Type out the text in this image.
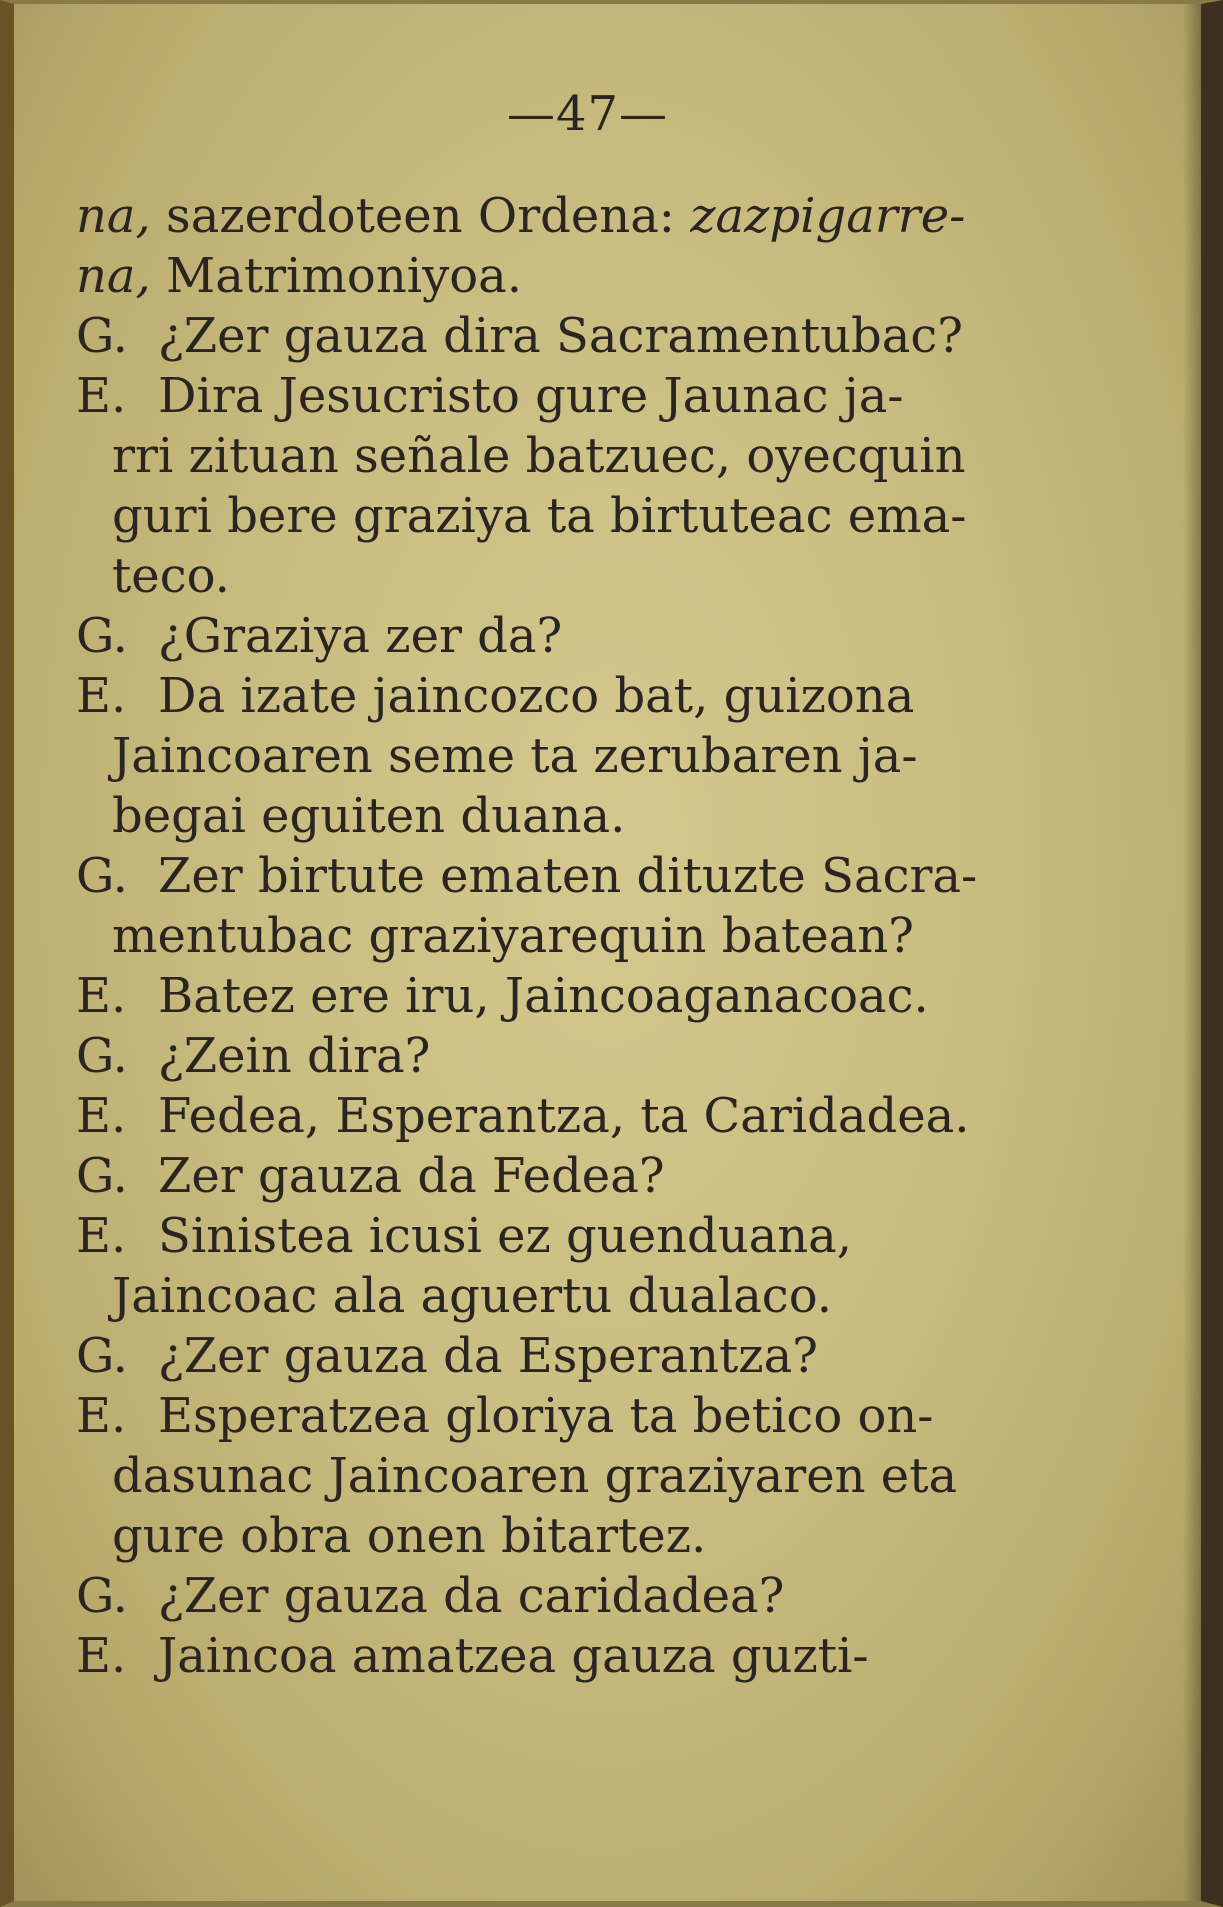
—47—
na, sazerdoteen Ordena: zazpigarre-
na, Matrimoniyoa.
G. ¿Zer gauza dira Sacramentubac?
E. Dira Jesucristo gure Jaunac ja-
rri zituan señale batzuec, oyecquin
guri bere graziya ta birtuteac ema-
teco.
G. ¿Graziya zer da?
E. Da izate jaincozco bat, guizona
Jaincoaren seme ta zerubaren ja-
begai eguiten duana.
G. Zer birtute ematen dituzte Sacra-
mentubac graziyarequin batean?
E. Batez ere iru, Jaincoaganacoac.
G. ¿Zein dira?
E. Fedea, Esperantza, ta Caridadea.
G. Zer gauza da Fedea?
E. Sinistea icusi ez guenduana,
Jaincoac ala aguertu dualaco.
G. ¿Zer gauza da Esperantza?
E. Esperatzea gloriya ta betico on-
dasunac Jaincoaren graziyaren eta
gure obra onen bitartez.
G. ¿Zer gauza da caridadea?
E. Jaincoa amatzea gauza guzti-
